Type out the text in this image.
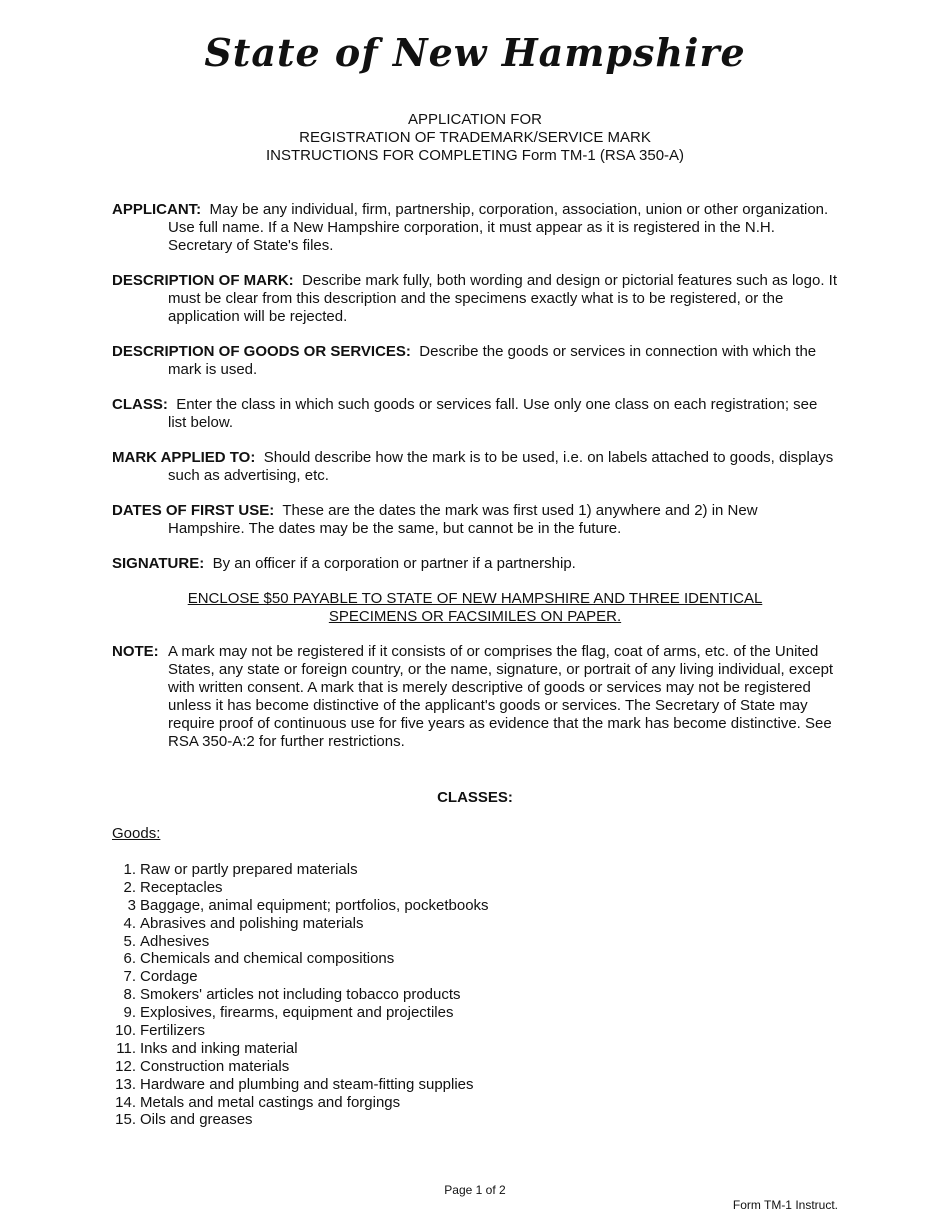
State of New Hampshire
APPLICATION FOR
REGISTRATION OF TRADEMARK/SERVICE MARK
INSTRUCTIONS FOR COMPLETING Form TM-1 (RSA 350-A)
APPLICANT: May be any individual, firm, partnership, corporation, association, union or other organization. Use full name. If a New Hampshire corporation, it must appear as it is registered in the N.H. Secretary of State's files.
DESCRIPTION OF MARK: Describe mark fully, both wording and design or pictorial features such as logo. It must be clear from this description and the specimens exactly what is to be registered, or the application will be rejected.
DESCRIPTION OF GOODS OR SERVICES: Describe the goods or services in connection with which the mark is used.
CLASS: Enter the class in which such goods or services fall. Use only one class on each registration; see list below.
MARK APPLIED TO: Should describe how the mark is to be used, i.e. on labels attached to goods, displays such as advertising, etc.
DATES OF FIRST USE: These are the dates the mark was first used 1) anywhere and 2) in New Hampshire. The dates may be the same, but cannot be in the future.
SIGNATURE: By an officer if a corporation or partner if a partnership.
ENCLOSE $50 PAYABLE TO STATE OF NEW HAMPSHIRE AND THREE IDENTICAL
SPECIMENS OR FACSIMILES ON PAPER.
NOTE: A mark may not be registered if it consists of or comprises the flag, coat of arms, etc. of the United States, any state or foreign country, or the name, signature, or portrait of any living individual, except with written consent. A mark that is merely descriptive of goods or services may not be registered unless it has become distinctive of the applicant's goods or services. The Secretary of State may require proof of continuous use for five years as evidence that the mark has become distinctive. See RSA 350-A:2 for further restrictions.
CLASSES:
Goods:
1. Raw or partly prepared materials
2. Receptacles
3 Baggage, animal equipment; portfolios, pocketbooks
4. Abrasives and polishing materials
5. Adhesives
6. Chemicals and chemical compositions
7. Cordage
8. Smokers' articles not including tobacco products
9. Explosives, firearms, equipment and projectiles
10. Fertilizers
11. Inks and inking material
12. Construction materials
13. Hardware and plumbing and steam-fitting supplies
14. Metals and metal castings and forgings
15. Oils and greases
Page 1 of 2
Form TM-1 Instruct.
